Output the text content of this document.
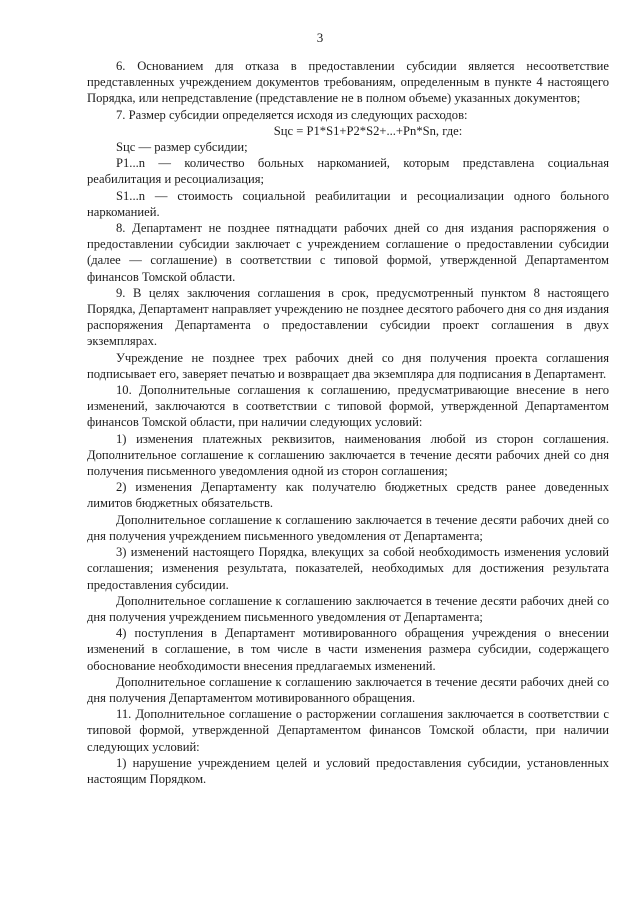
3

6. Основанием для отказа в предоставлении субсидии является несоответствие представленных учреждением документов требованиям, определенным в пункте 4 настоящего Порядка, или непредставление (представление не в полном объеме) указанных документов;

7. Размер субсидии определяется исходя из следующих расходов:

Sцс = P1*S1+P2*S2+...+Pn*Sn, где:

Sцс — размер субсидии;

P1...n — количество больных наркоманией, которым представлена социальная реабилитация и ресоциализация;

S1...n — стоимость социальной реабилитации и ресоциализации одного больного наркоманией.

8. Департамент не позднее пятнадцати рабочих дней со дня издания распоряжения о предоставлении субсидии заключает с учреждением соглашение о предоставлении субсидии (далее — соглашение) в соответствии с типовой формой, утвержденной Департаментом финансов Томской области.

9. В целях заключения соглашения в срок, предусмотренный пунктом 8 настоящего Порядка, Департамент направляет учреждению не позднее десятого рабочего дня со дня издания распоряжения Департамента о предоставлении субсидии проект соглашения в двух экземплярах.

Учреждение не позднее трех рабочих дней со дня получения проекта соглашения подписывает его, заверяет печатью и возвращает два экземпляра для подписания в Департамент.

10. Дополнительные соглашения к соглашению, предусматривающие внесение в него изменений, заключаются в соответствии с типовой формой, утвержденной Департаментом финансов Томской области, при наличии следующих условий:

1) изменения платежных реквизитов, наименования любой из сторон соглашения. Дополнительное соглашение к соглашению заключается в течение десяти рабочих дней со дня получения письменного уведомления одной из сторон соглашения;

2) изменения Департаменту как получателю бюджетных средств ранее доведенных лимитов бюджетных обязательств.

Дополнительное соглашение к соглашению заключается в течение десяти рабочих дней со дня получения учреждением письменного уведомления от Департамента;

3) изменений настоящего Порядка, влекущих за собой необходимость изменения условий соглашения; изменения результата, показателей, необходимых для достижения результата предоставления субсидии.

Дополнительное соглашение к соглашению заключается в течение десяти рабочих дней со дня получения учреждением письменного уведомления от Департамента;

4) поступления в Департамент мотивированного обращения учреждения о внесении изменений в соглашение, в том числе в части изменения размера субсидии, содержащего обоснование необходимости внесения предлагаемых изменений.

Дополнительное соглашение к соглашению заключается в течение десяти рабочих дней со дня получения Департаментом мотивированного обращения.

11. Дополнительное соглашение о расторжении соглашения заключается в соответствии с типовой формой, утвержденной Департаментом финансов Томской области, при наличии следующих условий:

1) нарушение учреждением целей и условий предоставления субсидии, установленных настоящим Порядком.
